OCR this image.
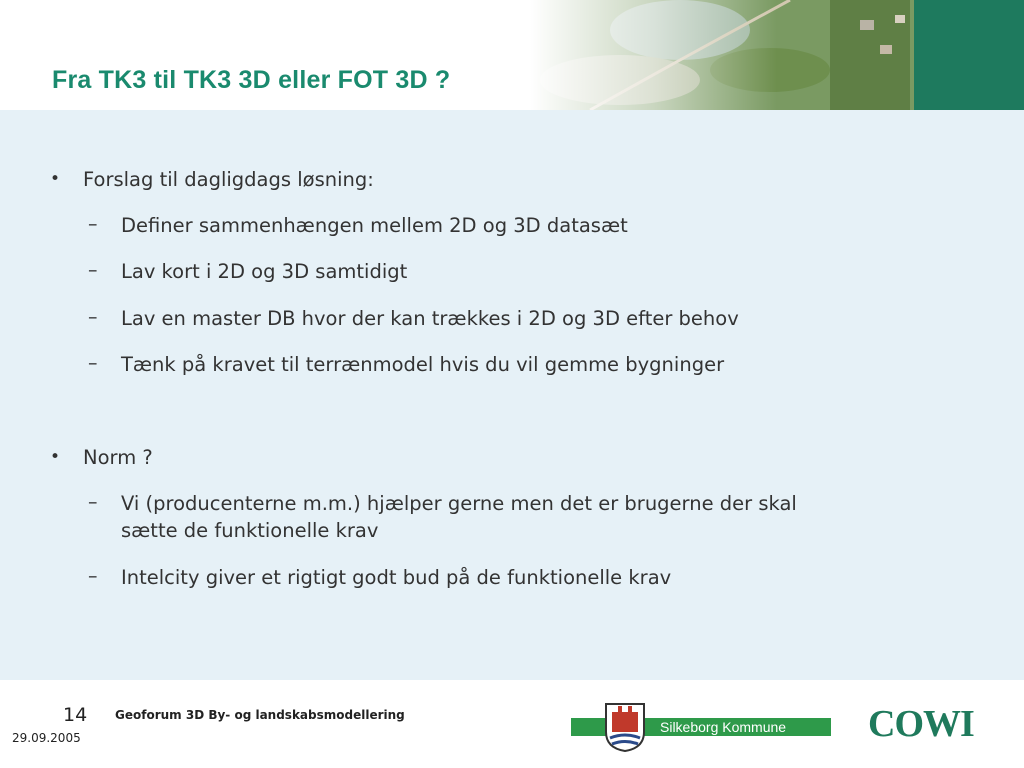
Fra TK3 til TK3 3D eller FOT 3D ?
• Forslag til dagligdags løsning:
– Definer sammenhængen mellem 2D og 3D datasæt
– Lav kort i 2D og 3D samtidigt
– Lav en master DB hvor der kan trækkes i 2D og 3D efter behov
– Tænk på kravet til terrænmodel hvis du vil gemme bygninger
• Norm ?
– Vi (producenterne m.m.) hjælper gerne men det er brugerne der skal sætte de funktionelle krav
– Intelcity giver et rigtigt godt bud på de funktionelle krav
14
29.09.2005
Geoforum 3D By- og landskabsmodellering
Silkeborg Kommune COWI
